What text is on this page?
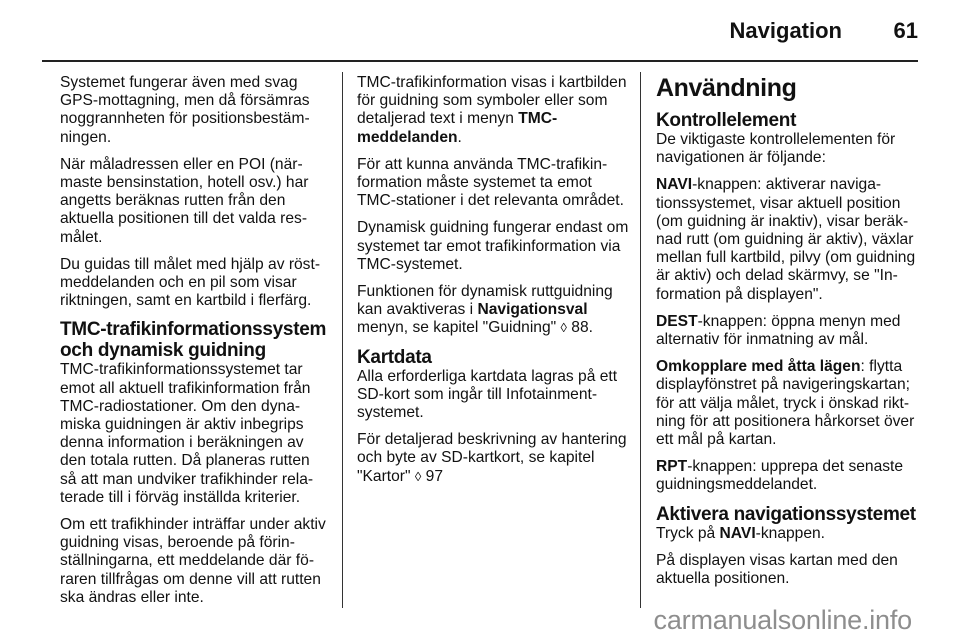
Navigation 61

Systemet fungerar även med svag GPS-mottagning, men då försämras noggrannheten för positionsbestämningen.

När måladressen eller en POI (närmaste bensinstation, hotell osv.) har angetts beräknas rutten från den aktuella positionen till det valda resmålet.

Du guidas till målet med hjälp av röstmeddelanden och en pil som visar riktningen, samt en kartbild i flerfärg.

TMC-trafikinformationssystem och dynamisk guidning

TMC-trafikinformationssystemet tar emot all aktuell trafikinformation från TMC-radiostationer. Om den dynamiska guidningen är aktiv inbegrips denna information i beräkningen av den totala rutten. Då planeras rutten så att man undviker trafikhinder relaterade till i förväg inställda kriterier.

Om ett trafikhinder inträffar under aktiv guidning visas, beroende på förinställningarna, ett meddelande där föraren tillfrågas om denne vill att rutten ska ändras eller inte.

TMC-trafikinformation visas i kartbilden för guidning som symboler eller som detaljerad text i menyn TMC-meddelanden.

För att kunna använda TMC-trafikinformation måste systemet ta emot TMC-stationer i det relevanta området.

Dynamisk guidning fungerar endast om systemet tar emot trafikinformation via TMC-systemet.

Funktionen för dynamisk ruttguidning kan avaktiveras i Navigationsval menyn, se kapitel "Guidning" ◊ 88.

Kartdata

Alla erforderliga kartdata lagras på ett SD-kort som ingår till Infotainment-systemet.

För detaljerad beskrivning av hantering och byte av SD-kartkort, se kapitel "Kartor" ◊ 97

Användning
Kontrollelement

De viktigaste kontrollelementen för navigationen är följande:

NAVI-knappen: aktiverar navigationssystemet, visar aktuell position (om guidning är inaktiv), visar beräknad rutt (om guidning är aktiv), växlar mellan full kartbild, pilvy (om guidning är aktiv) och delad skärmvy, se "Information på displayen".

DEST-knappen: öppna menyn med alternativ för inmatning av mål.

Omkopplare med åtta lägen: flytta displayfönstret på navigeringskartan; för att välja målet, tryck i önskad riktning för att positionera hårkorset över ett mål på kartan.

RPT-knappen: upprepa det senaste guidningsmeddelandet.

Aktivera navigationssystemet

Tryck på NAVI-knappen.

På displayen visas kartan med den aktuella positionen.

carmanualsonline.info
